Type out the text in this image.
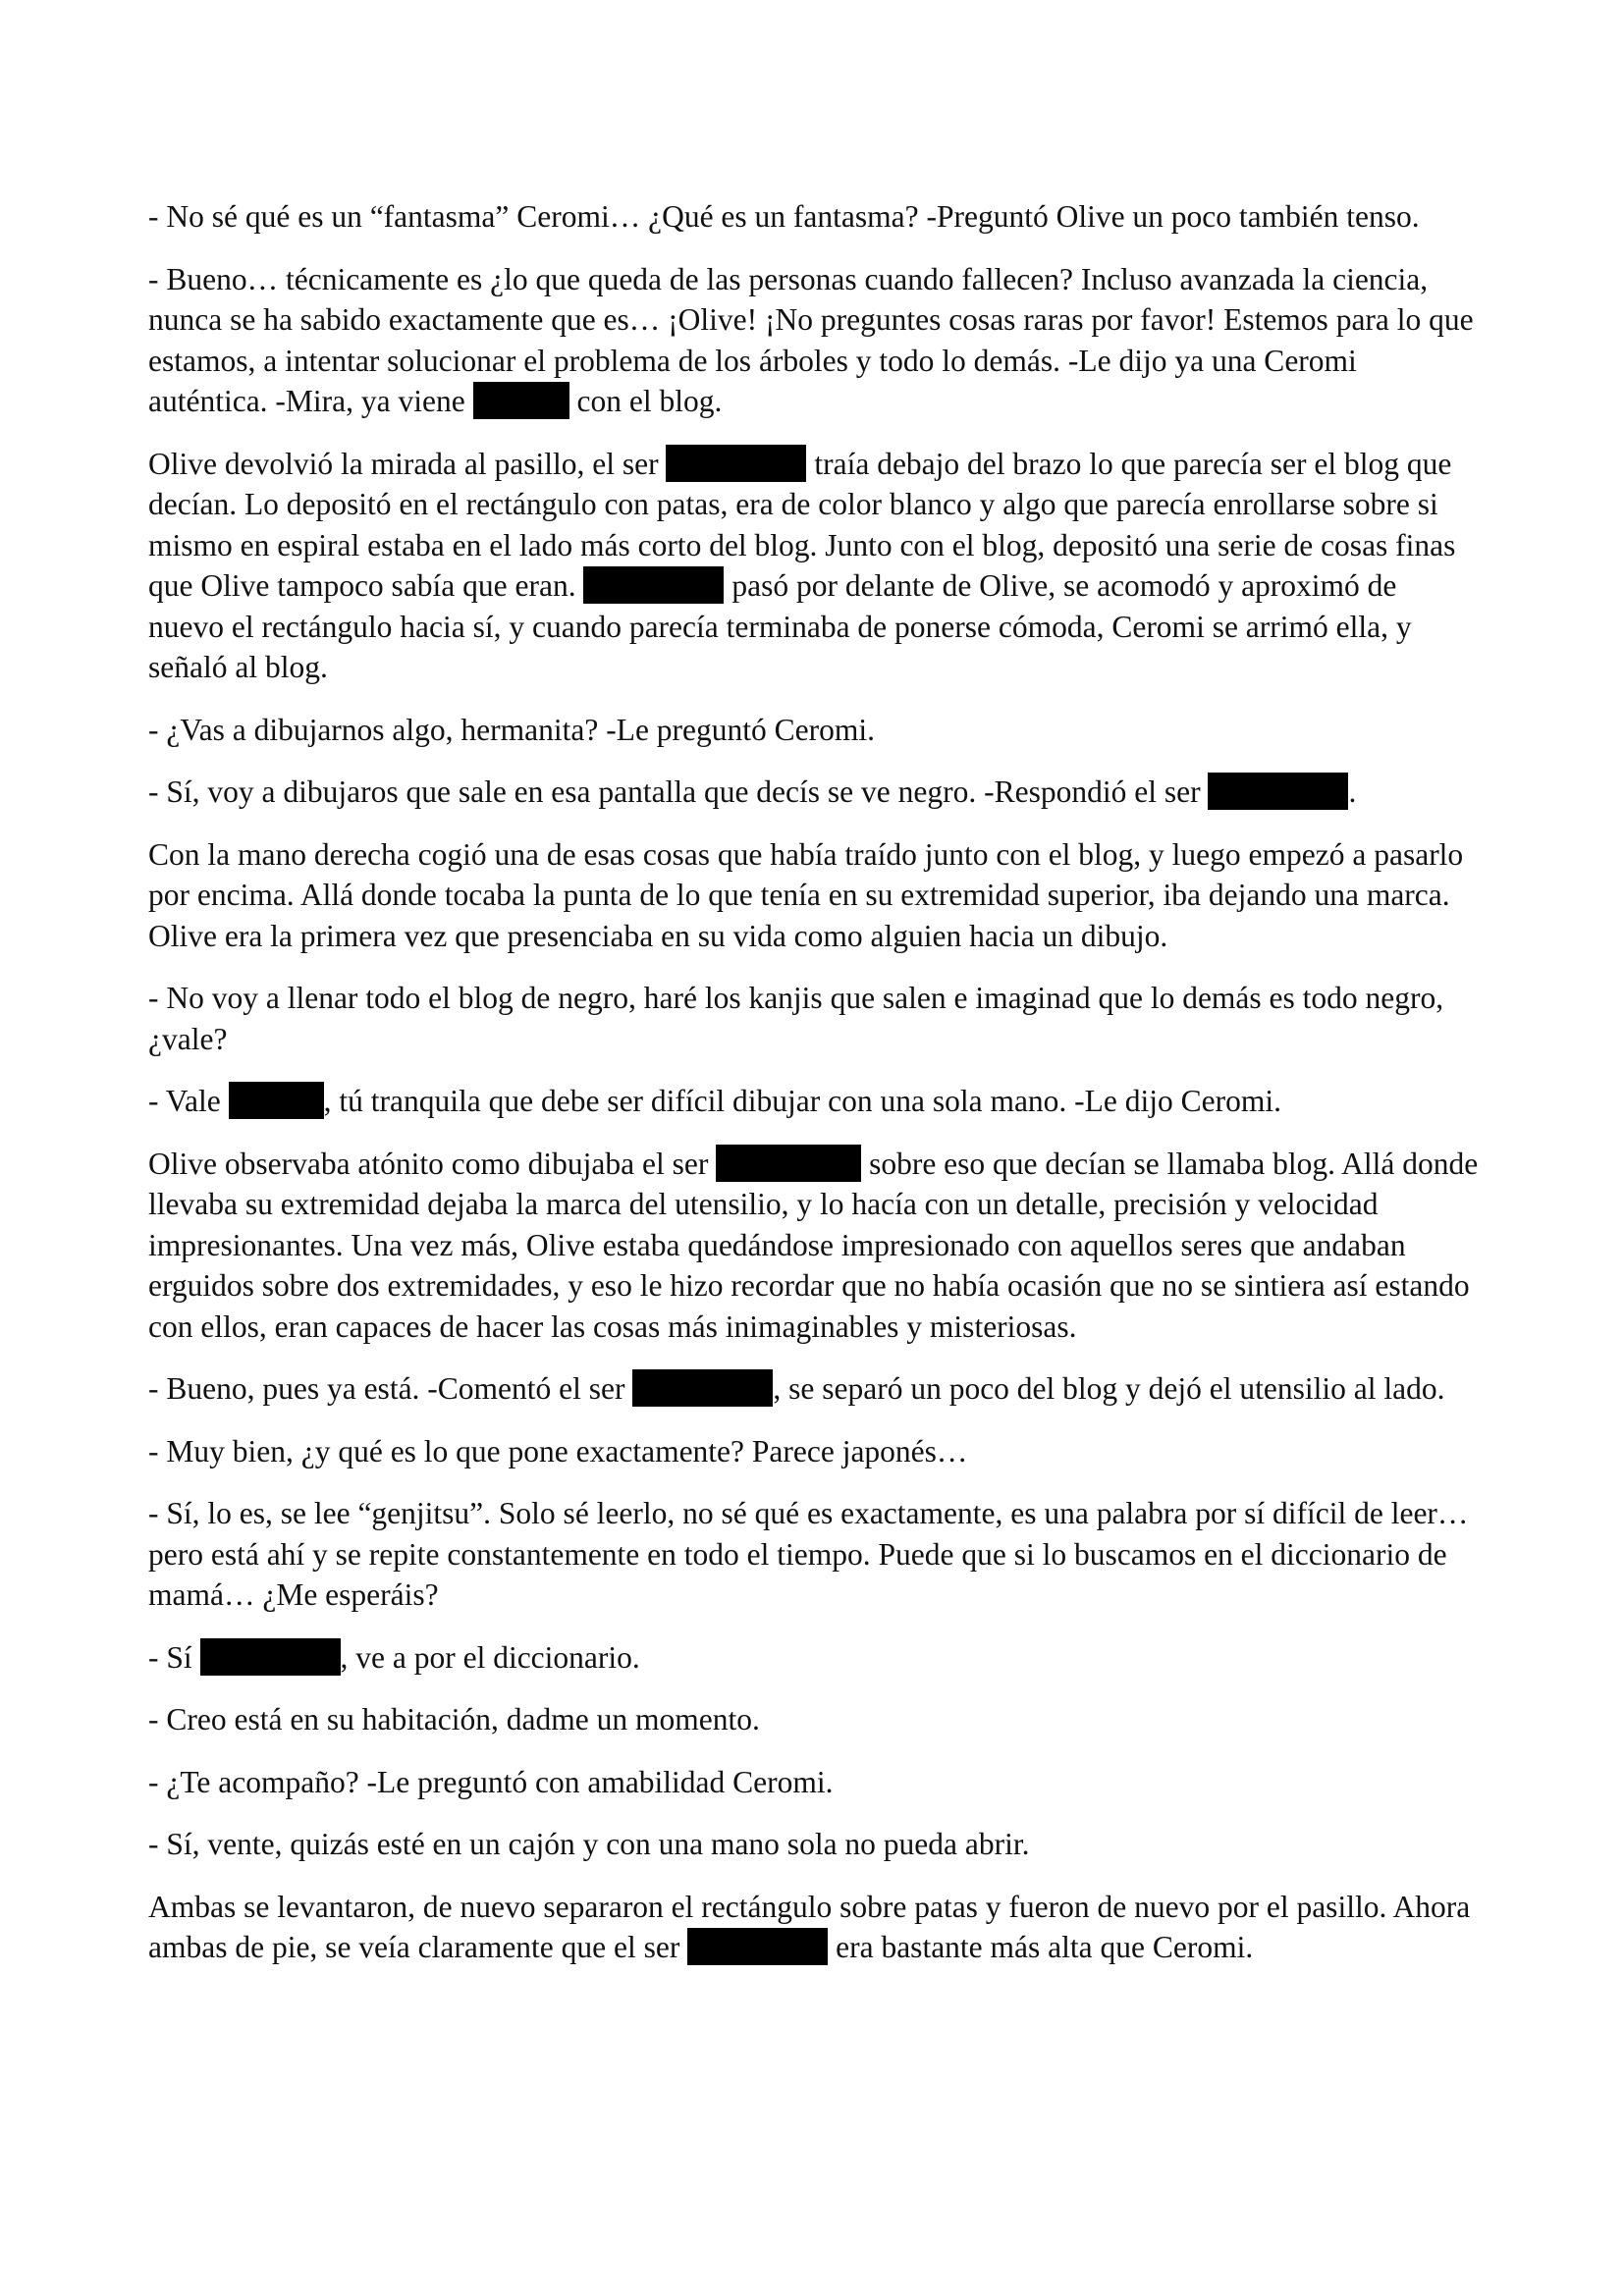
- No sé qué es un “fantasma” Ceromi… ¿Qué es un fantasma? -Preguntó Olive un poco también tenso.

- Bueno… técnicamente es ¿lo que queda de las personas cuando fallecen? Incluso avanzada la ciencia, nunca se ha sabido exactamente que es… ¡Olive! ¡No preguntes cosas raras por favor! Estemos para lo que estamos, a intentar solucionar el problema de los árboles y todo lo demás. -Le dijo ya una Ceromi auténtica. -Mira, ya viene	con el blog.

Olive devolvió la mirada al pasillo, el ser	traía debajo del brazo lo que parecía ser el blog que decían. Lo depositó en el rectángulo con patas, era de color blanco y algo que parecía enrollarse sobre si mismo en espiral estaba en el lado más corto del blog. Junto con el blog, depositó una serie de cosas finas que Olive tampoco sabía que eran.	pasó por delante de Olive, se acomodó y aproximó de nuevo el rectángulo hacia sí, y cuando parecía terminaba de ponerse cómoda, Ceromi se arrimó ella, y señaló al blog.

- ¿Vas a dibujarnos algo, hermanita? -Le preguntó Ceromi.

- Sí, voy a dibujaros que sale en esa pantalla que decís se ve negro. -Respondió el ser	.

Con la mano derecha cogió una de esas cosas que había traído junto con el blog, y luego empezó a pasarlo por encima. Allá donde tocaba la punta de lo que tenía en su extremidad superior, iba dejando una marca. Olive era la primera vez que presenciaba en su vida como alguien hacia un dibujo.

- No voy a llenar todo el blog de negro, haré los kanjis que salen e imaginad que lo demás es todo negro, ¿vale?

- Vale	, tú tranquila que debe ser difícil dibujar con una sola mano. -Le dijo Ceromi.

Olive observaba atónito como dibujaba el ser	sobre eso que decían se llamaba blog. Allá donde llevaba su extremidad dejaba la marca del utensilio, y lo hacía con un detalle, precisión y velocidad impresionantes. Una vez más, Olive estaba quedándose impresionado con aquellos seres que andaban erguidos sobre dos extremidades, y eso le hizo recordar que no había ocasión que no se sintiera así estando con ellos, eran capaces de hacer las cosas más inimaginables y misteriosas.

- Bueno, pues ya está. -Comentó el ser	, se separó un poco del blog y dejó el utensilio al lado.

- Muy bien, ¿y qué es lo que pone exactamente? Parece japonés…

- Sí, lo es, se lee “genjitsu”. Solo sé leerlo, no sé qué es exactamente, es una palabra por sí difícil de leer… pero está ahí y se repite constantemente en todo el tiempo. Puede que si lo buscamos en el diccionario de mamá… ¿Me esperáis?

- Sí	, ve a por el diccionario.

- Creo está en su habitación, dadme un momento.

- ¿Te acompaño? -Le preguntó con amabilidad Ceromi.

- Sí, vente, quizás esté en un cajón y con una mano sola no pueda abrir.

Ambas se levantaron, de nuevo separaron el rectángulo sobre patas y fueron de nuevo por el pasillo. Ahora ambas de pie, se veía claramente que el ser	era bastante más alta que Ceromi.
